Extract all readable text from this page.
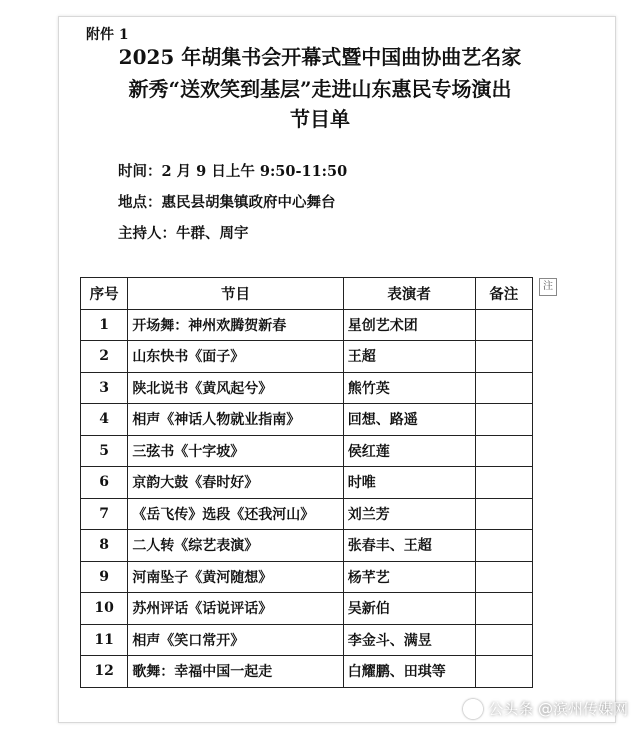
附件 1
2025 年胡集书会开幕式暨中国曲协曲艺名家
新秀“送欢笑到基层”走进山东惠民专场演出
节目单
时间：2 月 9 日上午 9:50-11:50
地点：惠民县胡集镇政府中心舞台
主持人：牛群、周宇
序号	节目	表演者	备注
1	开场舞：神州欢腾贺新春	星创艺术团	
2	山东快书《面子》	王超	
3	陕北说书《黄风起兮》	熊竹英	
4	相声《神话人物就业指南》	回想、路遥	
5	三弦书《十字坡》	侯红莲	
6	京韵大鼓《春时好》	时唯	
7	《岳飞传》选段《还我河山》	刘兰芳	
8	二人转《综艺表演》	张春丰、王超	
9	河南坠子《黄河随想》	杨芊艺	
10	苏州评话《话说评话》	吴新伯	
11	相声《笑口常开》	李金斗、满昱	
12	歌舞：幸福中国一起走	白耀鹏、田琪等	
注
公头条 @滨州传媒网
